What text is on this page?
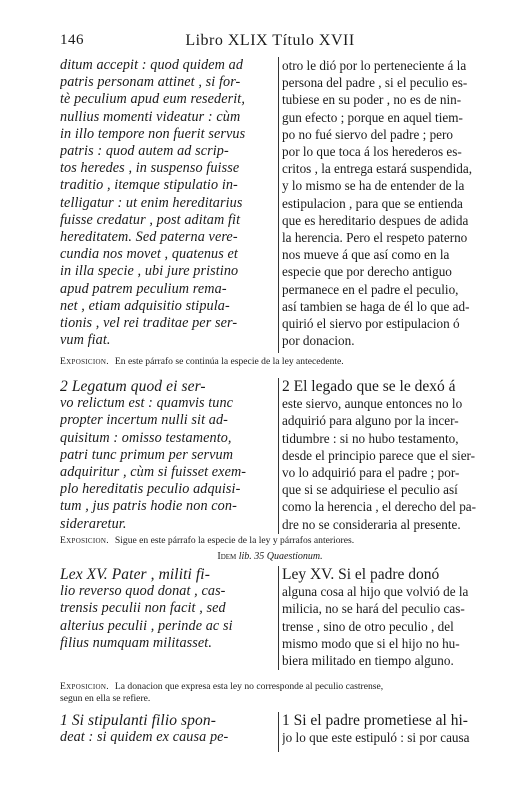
146	Libro XLIX Título XVII
ditum accepit : quod quidem ad
patris personam attinet , si for-
tè peculium apud eum resederit,
nullius momenti videatur : cùm
in illo tempore non fuerit servus
patris : quod autem ad scrip-
tos heredes , in suspenso fuisse
traditio , itemque stipulatio in-
telligatur : ut enim hereditarius
fuisse credatur , post aditam fit
hereditatem. Sed paterna vere-
cundia nos movet , quatenus et
in illa specie , ubi jure pristino
apud patrem peculium rema-
net , etiam adquisitio stipula-
tionis , vel rei traditae per ser-
vum fiat.
otro le dió por lo perteneciente á la
persona del padre , si el peculio es-
tubiese en su poder , no es de nin-
gun efecto ; porque en aquel tiem-
po no fué siervo del padre ; pero
por lo que toca á los herederos es-
critos , la entrega estará suspendida,
y lo mismo se ha de entender de la
estipulacion , para que se entienda
que es hereditario despues de adida
la herencia. Pero el respeto paterno
nos mueve á que así como en la
especie que por derecho antiguo
permanece en el padre el peculio,
así tambien se haga de él lo que ad-
quirió el siervo por estipulacion ó
por donacion.
Exposicion. En este párrafo se continúa la especie de la ley antecedente.
2 Legatum quod ei ser-
vo relictum est : quamvis tunc
propter incertum nulli sit ad-
quisitum : omisso testamento,
patri tunc primum per servum
adquiritur , cùm si fuisset exem-
plo hereditatis peculio adquisi-
tum , jus patris hodie non con-
sideraretur.
2 El legado que se le dexó á
este siervo, aunque entonces no lo
adquirió para alguno por la incer-
tidumbre : si no hubo testamento,
desde el principio parece que el sier-
vo lo adquirió para el padre ; por-
que si se adquiriese el peculio así
como la herencia , el derecho del pa-
dre no se consideraria al presente.
Exposicion. Sigue en este párrafo la especie de la ley y párrafos anteriores.
Idem lib. 35 Quaestionum.
Lex XV. Pater , militi fi-
lio reverso quod donat , cas-
trensis peculii non facit , sed
alterius peculii , perinde ac si
filius numquam militasset.
Ley XV. Si el padre donó
alguna cosa al hijo que volvió de la
milicia, no se hará del peculio cas-
trense , sino de otro peculio , del
mismo modo que si el hijo no hu-
biera militado en tiempo alguno.
Exposicion. La donacion que expresa esta ley no corresponde al peculio castrense,
segun en ella se refiere.
1 Si stipulanti filio spon-
deat : si quidem ex causa pe-
1 Si el padre prometiese al hi-
jo lo que este estipuló : si por causa
